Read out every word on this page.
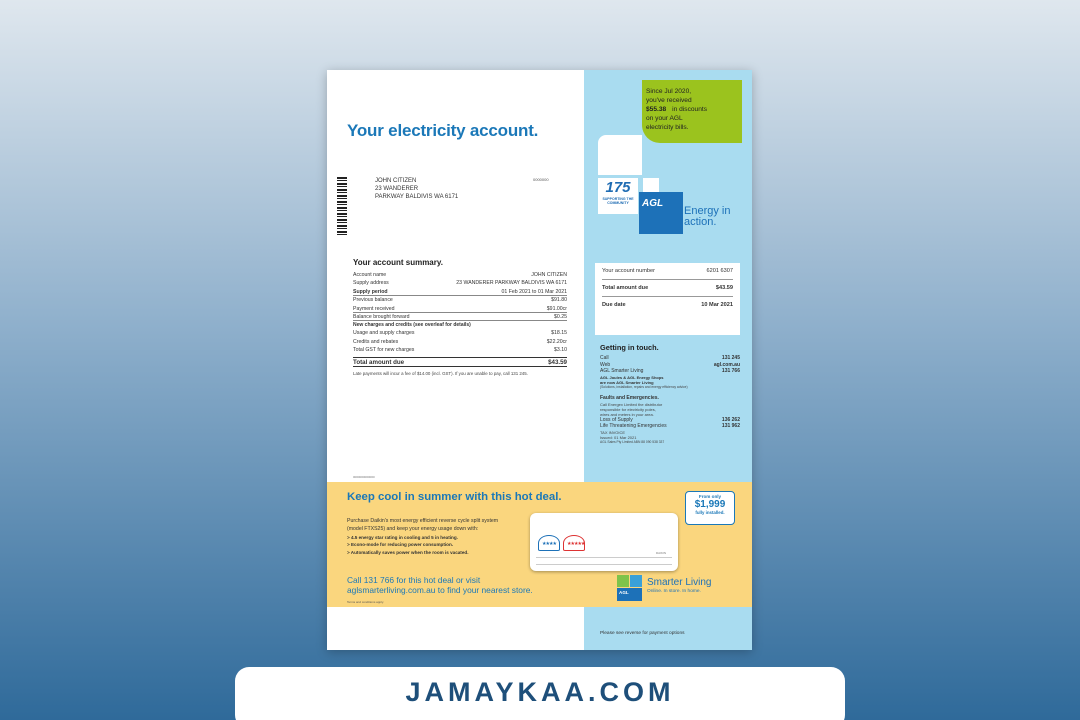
Your electricity account.
JOHN CITIZEN
23 WANDERER
PARKWAY BALDIVIS WA 6171
0000000
Your account summary.
Account name	JOHN CITIZEN
Supply address	23 WANDERER PARKWAY BALDIVIS WA 6171
Supply period	01 Feb 2021 to 01 Mar 2021
Previous balance	$91.80
Payment received	$91.00cr
Balance brought forward	$0.25
New charges and credits (see overleaf for details)
Usage and supply charges	$18.15
Credits and rebates	$22.20cr
Total GST for new charges	$3.10
Total amount due	$43.59
Late payments will incur a fee of $14.00 (incl. GST). If you are unable to pay, call 131 245.
0000000000000
Since Jul 2020,
you've received
$55.38 in discounts
on your AGL
electricity bills.
175
SUPPORTING THE COMMUNITY	AGL
Energy in
action.
Your account number	6201 6307
Total amount due	$43.59
Due date	10 Mar 2021
Getting in touch.
Call	131 245
Web	agl.com.au
AGL Smarter Living	131 766
AGL Joules & AGL Energy Shops
are now AGL Smarter Living
(Solutions, installation, repairs and energy efficiency advice)
Faults and Emergencies.
Call Energex Limited the distributor
responsible for electricity poles,
wires and meters in your area.
Loss of Supply	136 262
Life Threatening Emergencies	131 962
TAX INVOICE
Issued: 01 Mar 2021
AGL Sales Pty Limited ABN 88 090 538 337
Keep cool in summer with this hot deal.
Purchase Daikin's most energy efficient reverse cycle split system (model FTXS25) and keep your energy usage down with:
> 4.5 energy star rating in cooling and 5 in heating.
> Econo-mode for reducing power consumption.
> Automatically saves power when the room is vacated.
Call 131 766 for this hot deal or visit
aglsmarterliving.com.au to find your nearest store.
Terms and conditions apply.
From only
$1,999
fully installed.
★★★★ ★★★★★
DAIKIN
AGL
Smarter Living
Online. In store. In home.
Please see reverse for payment options
JAMAYKAA.COM
